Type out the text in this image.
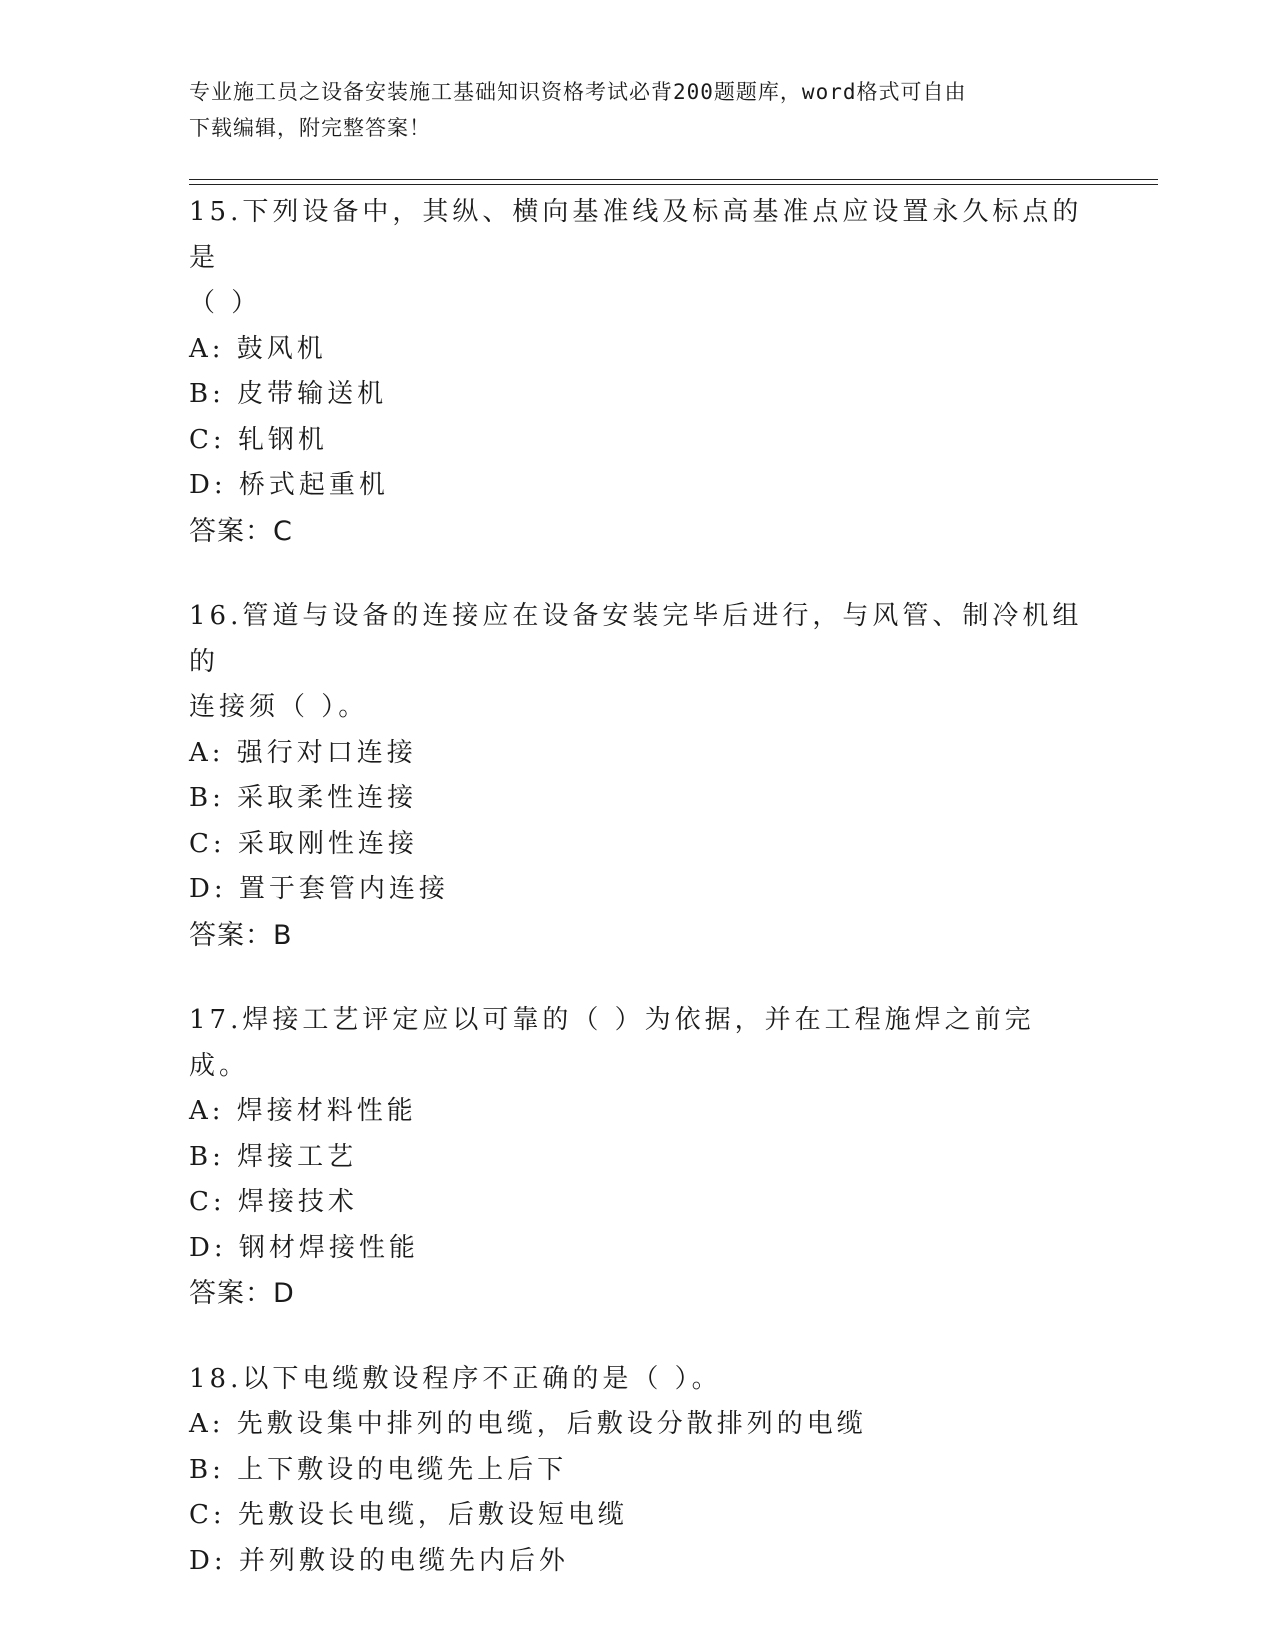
专业施工员之设备安装施工基础知识资格考试必背200题题库，word格式可自由
下载编辑，附完整答案！
15.下列设备中，其纵、横向基准线及标高基准点应设置永久标点的是
（ ）
A: 鼓风机
B: 皮带输送机
C: 轧钢机
D: 桥式起重机
答案：C
16.管道与设备的连接应在设备安装完毕后进行，与风管、制冷机组的
连接须（ ）。
A: 强行对口连接
B: 采取柔性连接
C: 采取刚性连接
D: 置于套管内连接
答案：B
17.焊接工艺评定应以可靠的（ ）为依据，并在工程施焊之前完成。
A: 焊接材料性能
B: 焊接工艺
C: 焊接技术
D: 钢材焊接性能
答案：D
18.以下电缆敷设程序不正确的是（ ）。
A: 先敷设集中排列的电缆，后敷设分散排列的电缆
B: 上下敷设的电缆先上后下
C: 先敷设长电缆，后敷设短电缆
D: 并列敷设的电缆先内后外
